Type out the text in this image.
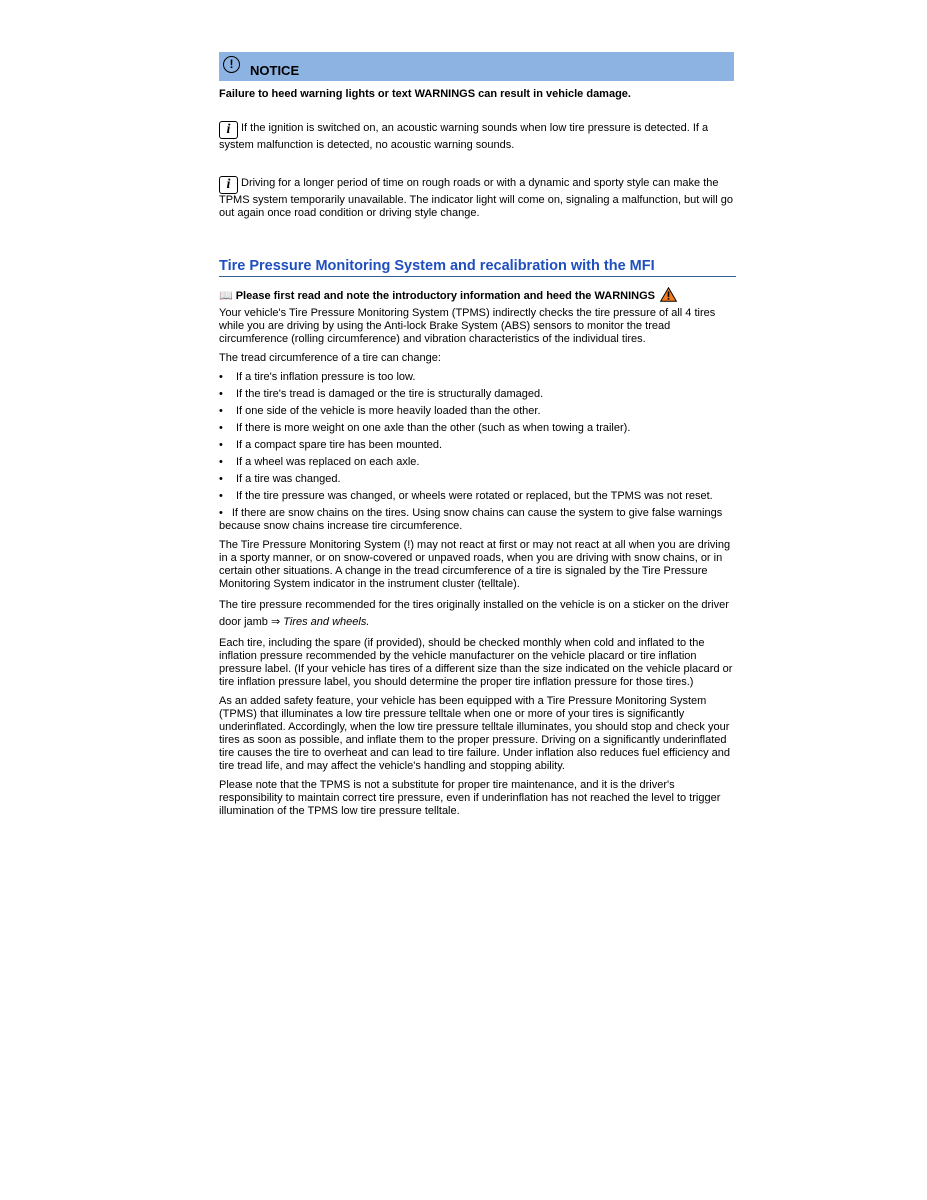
!	NOTICE
Failure to heed warning lights or text WARNINGS can result in vehicle damage.
i If the ignition is switched on, an acoustic warning sounds when low tire pressure is detected. If a system malfunction is detected, no acoustic warning sounds.
i Driving for a longer period of time on rough roads or with a dynamic and sporty style can make the TPMS system temporarily unavailable. The indicator light will come on, signaling a malfunction, but will go out again once road condition or driving style change.
Tire Pressure Monitoring System and recalibration with the MFI
📖 Please first read and note the introductory information and heed the WARNINGS

Your vehicle's Tire Pressure Monitoring System (TPMS) indirectly checks the tire pressure of all 4 tires while you are driving by using the Anti-lock Brake System (ABS) sensors to monitor the tread circumference (rolling circumference) and vibration characteristics of the individual tires.

The tread circumference of a tire can change:

• If a tire's inflation pressure is too low.
• If the tire's tread is damaged or the tire is structurally damaged.
• If one side of the vehicle is more heavily loaded than the other.
• If there is more weight on one axle than the other (such as when towing a trailer).
• If a compact spare tire has been mounted.
• If a wheel was replaced on each axle.
• If a tire was changed.
• If the tire pressure was changed, or wheels were rotated or replaced, but the TPMS was not reset.
• If there are snow chains on the tires. Using snow chains can cause the system to give false warnings because snow chains increase tire circumference.

The Tire Pressure Monitoring System (!) may not react at first or may not react at all when you are driving in a sporty manner, or on snow-covered or unpaved roads, when you are driving with snow chains, or in certain other situations. A change in the tread circumference of a tire is signaled by the Tire Pressure Monitoring System indicator in the instrument cluster (telltale).

The tire pressure recommended for the tires originally installed on the vehicle is on a sticker on the driver door jamb ⇒ Tires and wheels.

Each tire, including the spare (if provided), should be checked monthly when cold and inflated to the inflation pressure recommended by the vehicle manufacturer on the vehicle placard or tire inflation pressure label. (If your vehicle has tires of a different size than the size indicated on the vehicle placard or tire inflation pressure label, you should determine the proper tire inflation pressure for those tires.)

As an added safety feature, your vehicle has been equipped with a Tire Pressure Monitoring System (TPMS) that illuminates a low tire pressure telltale when one or more of your tires is significantly underinflated. Accordingly, when the low tire pressure telltale illuminates, you should stop and check your tires as soon as possible, and inflate them to the proper pressure. Driving on a significantly underinflated tire causes the tire to overheat and can lead to tire failure. Under inflation also reduces fuel efficiency and tire tread life, and may affect the vehicle's handling and stopping ability.

Please note that the TPMS is not a substitute for proper tire maintenance, and it is the driver's responsibility to maintain correct tire pressure, even if underinflation has not reached the level to trigger illumination of the TPMS low tire pressure telltale.
